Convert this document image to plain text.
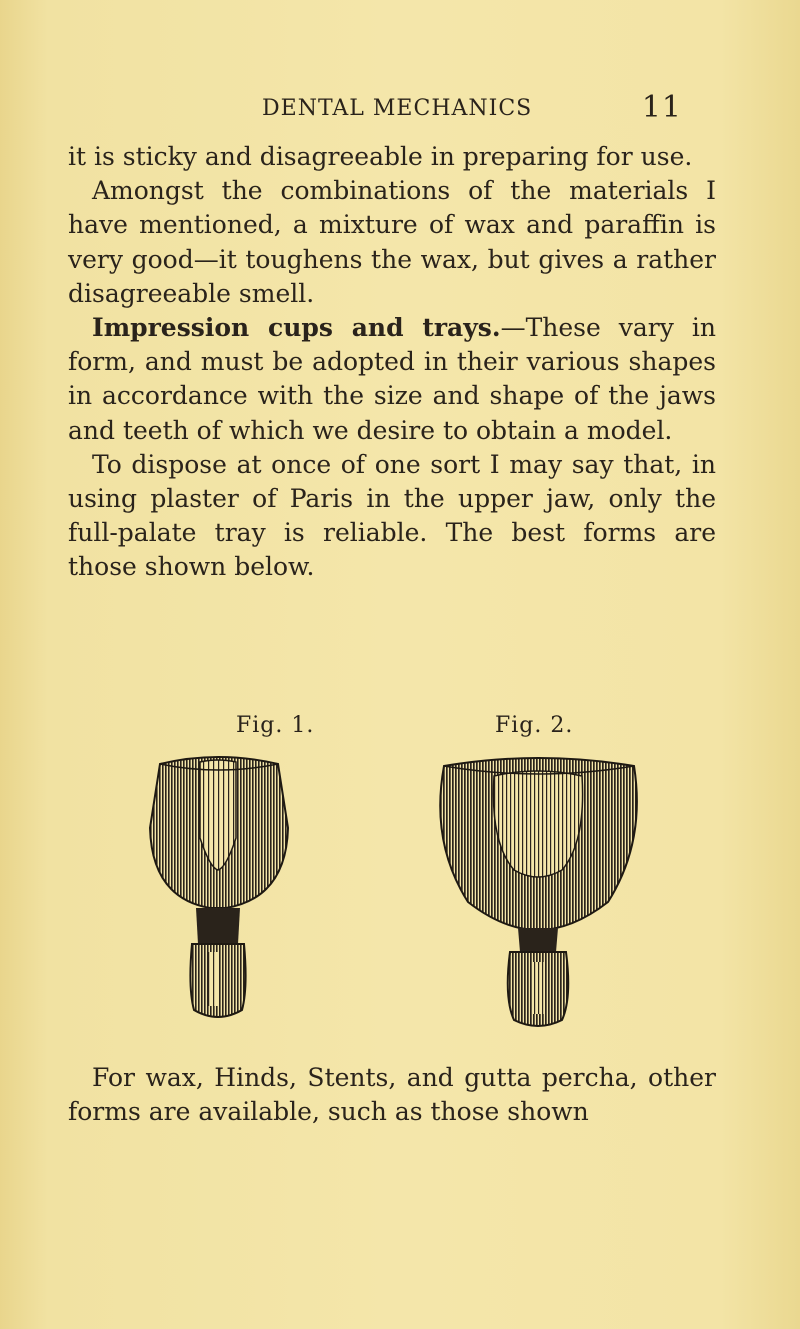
DENTAL MECHANICS	11

it is sticky and disagreeable in preparing for use.

Amongst the combinations of the materials I have mentioned, a mixture of wax and paraffin is very good—it toughens the wax, but gives a rather disagreeable smell.

Impression cups and trays.—These vary in form, and must be adopted in their various shapes in accordance with the size and shape of the jaws and teeth of which we desire to obtain a model.

To dispose at once of one sort I may say that, in using plaster of Paris in the upper jaw, only the full-palate tray is reliable. The best forms are those shown below.

Fig. 1.	Fig. 2.

For wax, Hinds, Stents, and gutta percha, other forms are available, such as those shown
